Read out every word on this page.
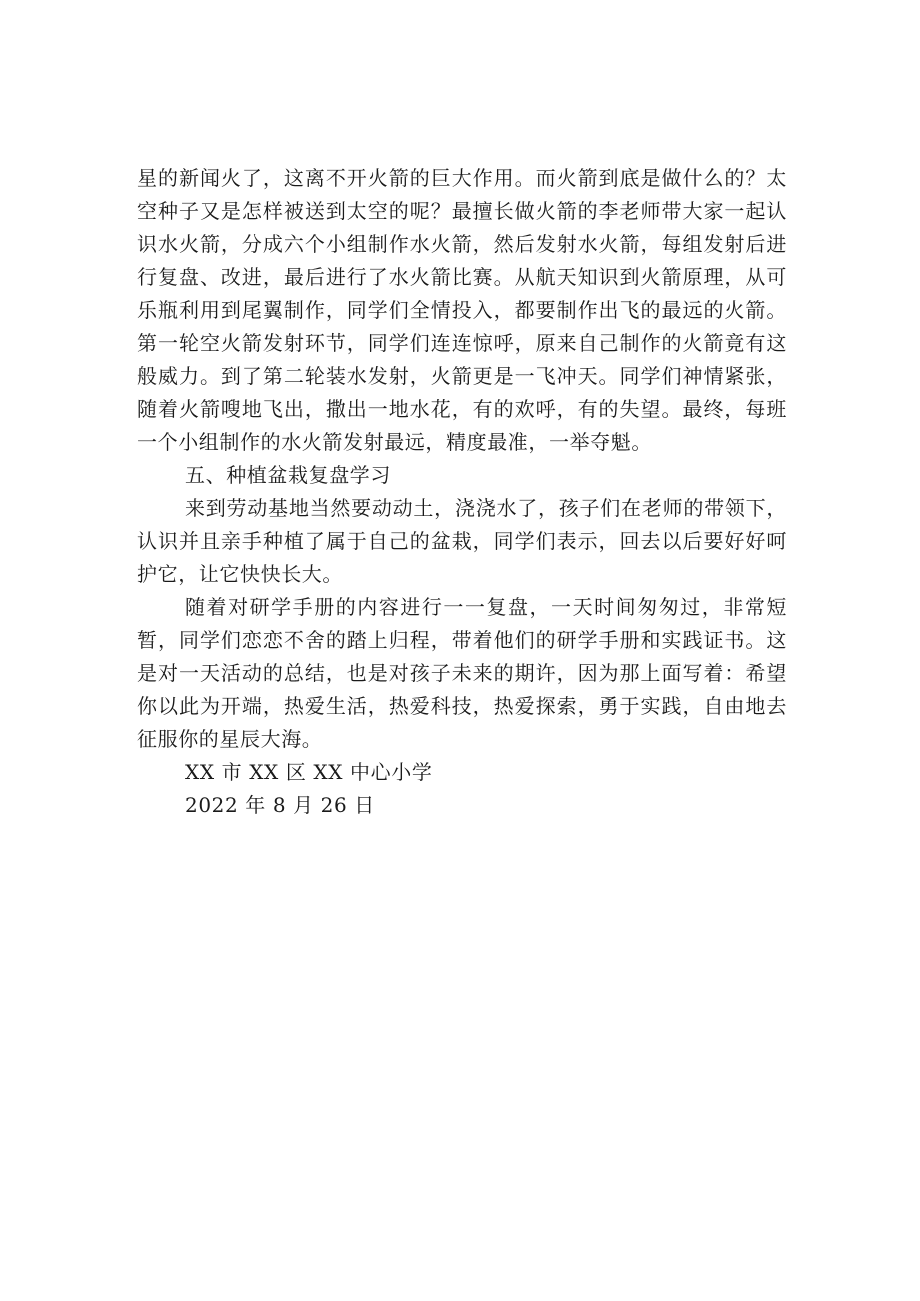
星的新闻火了，这离不开火箭的巨大作用。而火箭到底是做什么的？太空种子又是怎样被送到太空的呢？最擅长做火箭的李老师带大家一起认识水火箭，分成六个小组制作水火箭，然后发射水火箭，每组发射后进行复盘、改进，最后进行了水火箭比赛。从航天知识到火箭原理，从可乐瓶利用到尾翼制作，同学们全情投入，都要制作出飞的最远的火箭。第一轮空火箭发射环节，同学们连连惊呼，原来自己制作的火箭竟有这般威力。到了第二轮装水发射，火箭更是一飞冲天。同学们神情紧张，随着火箭嗖地飞出，撒出一地水花，有的欢呼，有的失望。最终，每班一个小组制作的水火箭发射最远，精度最准，一举夺魁。

五、种植盆栽复盘学习

来到劳动基地当然要动动土，浇浇水了，孩子们在老师的带领下，认识并且亲手种植了属于自己的盆栽，同学们表示，回去以后要好好呵护它，让它快快长大。

随着对研学手册的内容进行一一复盘，一天时间匆匆过，非常短暂，同学们恋恋不舍的踏上归程，带着他们的研学手册和实践证书。这是对一天活动的总结，也是对孩子未来的期许，因为那上面写着：希望你以此为开端，热爱生活，热爱科技，热爱探索，勇于实践，自由地去征服你的星辰大海。

XX 市 XX 区 XX 中心小学

2022 年 8 月 26 日
